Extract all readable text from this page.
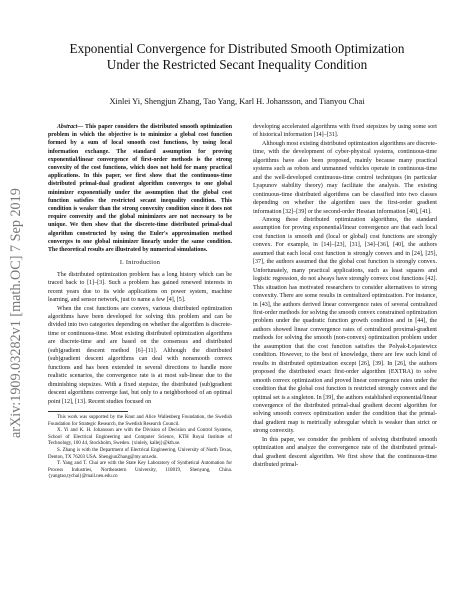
arXiv:1909.03282v1 [math.OC] 7 Sep 2019
Exponential Convergence for Distributed Smooth Optimization
Under the Restricted Secant Inequality Condition
Xinlei Yi, Shengjun Zhang, Tao Yang, Karl H. Johansson, and Tianyou Chai
Abstract— This paper considers the distributed smooth optimization problem in which the objective is to minimize a global cost function formed by a sum of local smooth cost functions, by using local information exchange. The standard assumption for proving exponential/linear convergence of first-order methods is the strong convexity of the cost functions, which does not hold for many practical applications. In this paper, we first show that the continuous-time distributed primal-dual gradient algorithm converges to one global minimizer exponentially under the assumption that the global cost function satisfies the restricted secant inequality condition. This condition is weaker than the strong convexity condition since it does not require convexity and the global minimizers are not necessary to be unique. We then show that the discrete-time distributed primal-dual algorithm constructed by using the Euler's approximation method converges to one global minimizer linearly under the same condition. The theoretical results are illustrated by numerical simulations.
I. Introduction

The distributed optimization problem has a long history which can be traced back to [1]–[3]. Such a problem has gained renewed interests in recent years due to its wide applications on power system, machine learning, and sensor network, just to name a few [4], [5].

When the cost functions are convex, various distributed optimization algorithms have been developed for solving this problem and can be divided into two categories depending on whether the algorithm is discrete-time or continuous-time. Most existing distributed optimization algorithms are discrete-time and are based on the consensus and distributed (sub)gradient descent method [6]–[11]. Although the distributed (sub)gradient descent algorithms can deal with nonsmooth convex functions and has been extended in several directions to handle more realistic scenarios, the convergence rate is at most sub-linear due to the diminishing stepsizes. With a fixed stepsize, the distributed (sub)gradient descent algorithms converge fast, but only to a neighborhood of an optimal point [12], [13]. Recent studies focused on

This work was supported by the Knut and Alice Wallenberg Foundation, the Swedish Foundation for Strategic Research, the Swedish Research Council.

X. Yi and K. H. Johansson are with the Division of Decision and Control Systems, School of Electrical Engineering and Computer Science, KTH Royal Institute of Technology, 100 44, Stockholm, Sweden. {xinleiy, kallej}@kth.se.

S. Zhang is with the Department of Electrical Engineering, University of North Texas, Denton, TX 76203 USA. ShengjunZhang@my.unt.edu.

T. Yang and T. Chai are with the State Key Laboratory of Synthetical Automation for Process Industries, Northeastern University, 110819, Shenyang, China. {yangtao,tychai}@mail.neu.edu.cn

developing accelerated algorithms with fixed stepsizes by using some sort of historical information [14]–[31].

Although most existing distributed optimization algorithms are discrete-time, with the development of cyber-physical systems, continuous-time algorithms have also been proposed, mainly because many practical systems such as robots and unmanned vehicles operate in continuous-time and the well-developed continuous-time control techniques (in particular Lyapunov stability theory) may facilitate the analysis. The existing continuous-time distributed algorithms can be classified into two classes depending on whether the algorithm uses the first-order gradient information [32]–[39] or the second-order Hessian information [40], [41].

Among these distributed optimization algorithms, the standard assumption for proving exponential/linear convergence are that each local cost function is smooth and (local or global) cost functions are strongly convex. For example, in [14]–[23], [31], [34]–[36], [40], the authors assumed that each local cost function is strongly convex and in [24], [25], [37], the authors assumed that the global cost function is strongly convex. Unfortunately, many practical applications, such as least squares and logistic regression, do not always have strongly convex cost functions [42]. This situation has motivated researchers to consider alternatives to strong convexity. There are some results in centralized optimization. For instance, in [43], the authors derived linear convergence rates of several centralized first-order methods for solving the smooth convex constrained optimization problem under the quadratic function growth condition and in [44], the authors showed linear convergence rates of centralized proximal-gradient methods for solving the smooth (non-convex) optimization problem under the assumption that the cost function satisfies the Polyak-Łojasiewicz condition. However, to the best of knowledge, there are few such kind of results in distributed optimization except [26], [39]. In [26], the authors proposed the distributed exact first-order algorithm (EXTRA) to solve smooth convex optimization and proved linear convergence rates under the condition that the global cost function is restricted strongly convex and the optimal set is a singleton. In [39], the authors established exponential/linear convergence of the distributed primal-dual gradient decent algorithm for solving smooth convex optimization under the condition that the primal-dual gradient map is metrically subregular which is weaker than strict or strong convexity.

In this paper, we consider the problem of solving distributed smooth optimization and analyze the convergence rate of the distributed primal-dual gradient descent algorithm. We first show that the continuous-time distributed primal-
